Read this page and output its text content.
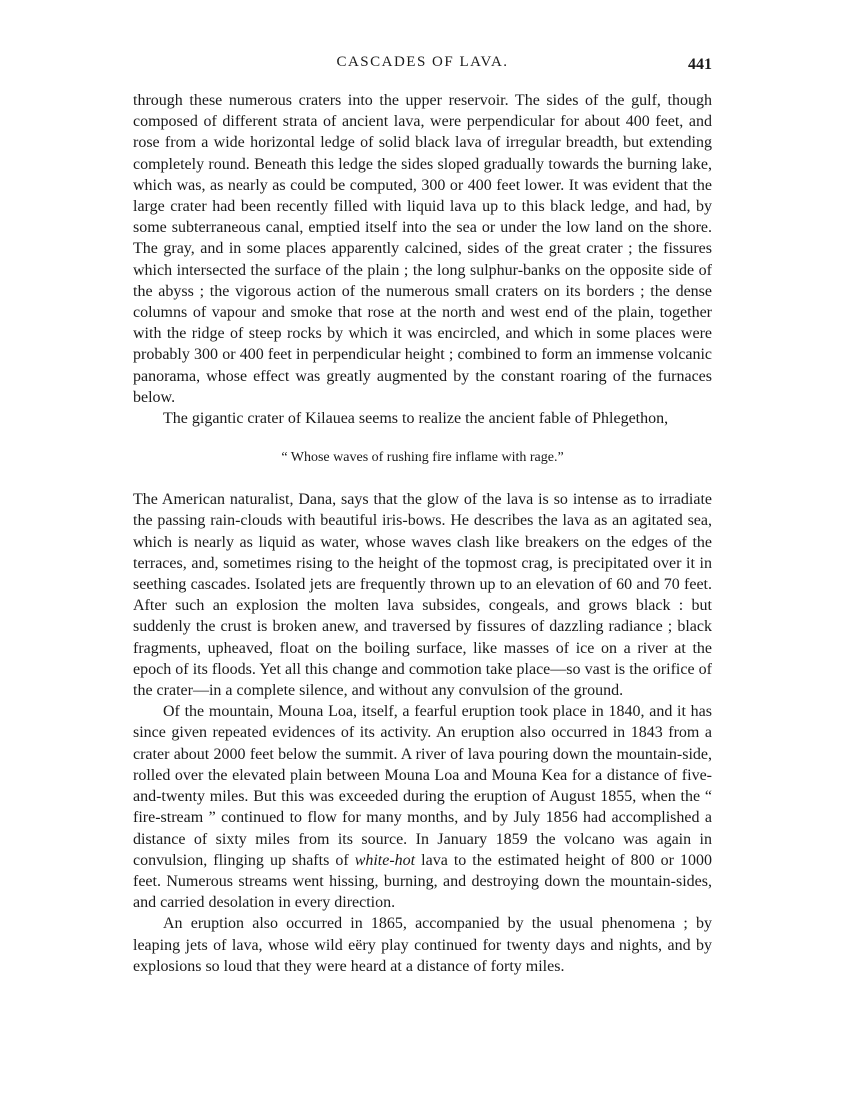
CASCADES OF LAVA.	441

through these numerous craters into the upper reservoir. The sides of the gulf, though composed of different strata of ancient lava, were perpendicular for about 400 feet, and rose from a wide horizontal ledge of solid black lava of irregular breadth, but extending completely round. Beneath this ledge the sides sloped gradually towards the burning lake, which was, as nearly as could be computed, 300 or 400 feet lower. It was evident that the large crater had been recently filled with liquid lava up to this black ledge, and had, by some subterraneous canal, emptied itself into the sea or under the low land on the shore. The gray, and in some places apparently calcined, sides of the great crater ; the fissures which intersected the surface of the plain ; the long sulphur-banks on the opposite side of the abyss ; the vigorous action of the numerous small craters on its borders ; the dense columns of vapour and smoke that rose at the north and west end of the plain, together with the ridge of steep rocks by which it was encircled, and which in some places were probably 300 or 400 feet in perpendicular height ; combined to form an immense volcanic panorama, whose effect was greatly augmented by the constant roaring of the furnaces below.

The gigantic crater of Kilauea seems to realize the ancient fable of Phlegethon,

“ Whose waves of rushing fire inflame with rage.”

The American naturalist, Dana, says that the glow of the lava is so intense as to irradiate the passing rain-clouds with beautiful iris-bows. He describes the lava as an agitated sea, which is nearly as liquid as water, whose waves clash like breakers on the edges of the terraces, and, sometimes rising to the height of the topmost crag, is precipitated over it in seething cascades. Isolated jets are frequently thrown up to an elevation of 60 and 70 feet. After such an explosion the molten lava subsides, congeals, and grows black : but suddenly the crust is broken anew, and traversed by fissures of dazzling radiance ; black fragments, upheaved, float on the boiling surface, like masses of ice on a river at the epoch of its floods. Yet all this change and commotion take place—so vast is the orifice of the crater—in a complete silence, and without any convulsion of the ground.

Of the mountain, Mouna Loa, itself, a fearful eruption took place in 1840, and it has since given repeated evidences of its activity. An eruption also occurred in 1843 from a crater about 2000 feet below the summit. A river of lava pouring down the mountain-side, rolled over the elevated plain between Mouna Loa and Mouna Kea for a distance of five-and-twenty miles. But this was exceeded during the eruption of August 1855, when the “ fire-stream ” continued to flow for many months, and by July 1856 had accomplished a distance of sixty miles from its source. In January 1859 the volcano was again in convulsion, flinging up shafts of white-hot lava to the estimated height of 800 or 1000 feet. Numerous streams went hissing, burning, and destroying down the mountain-sides, and carried desolation in every direction.

An eruption also occurred in 1865, accompanied by the usual phenomena ; by leaping jets of lava, whose wild eëry play continued for twenty days and nights, and by explosions so loud that they were heard at a distance of forty miles.
